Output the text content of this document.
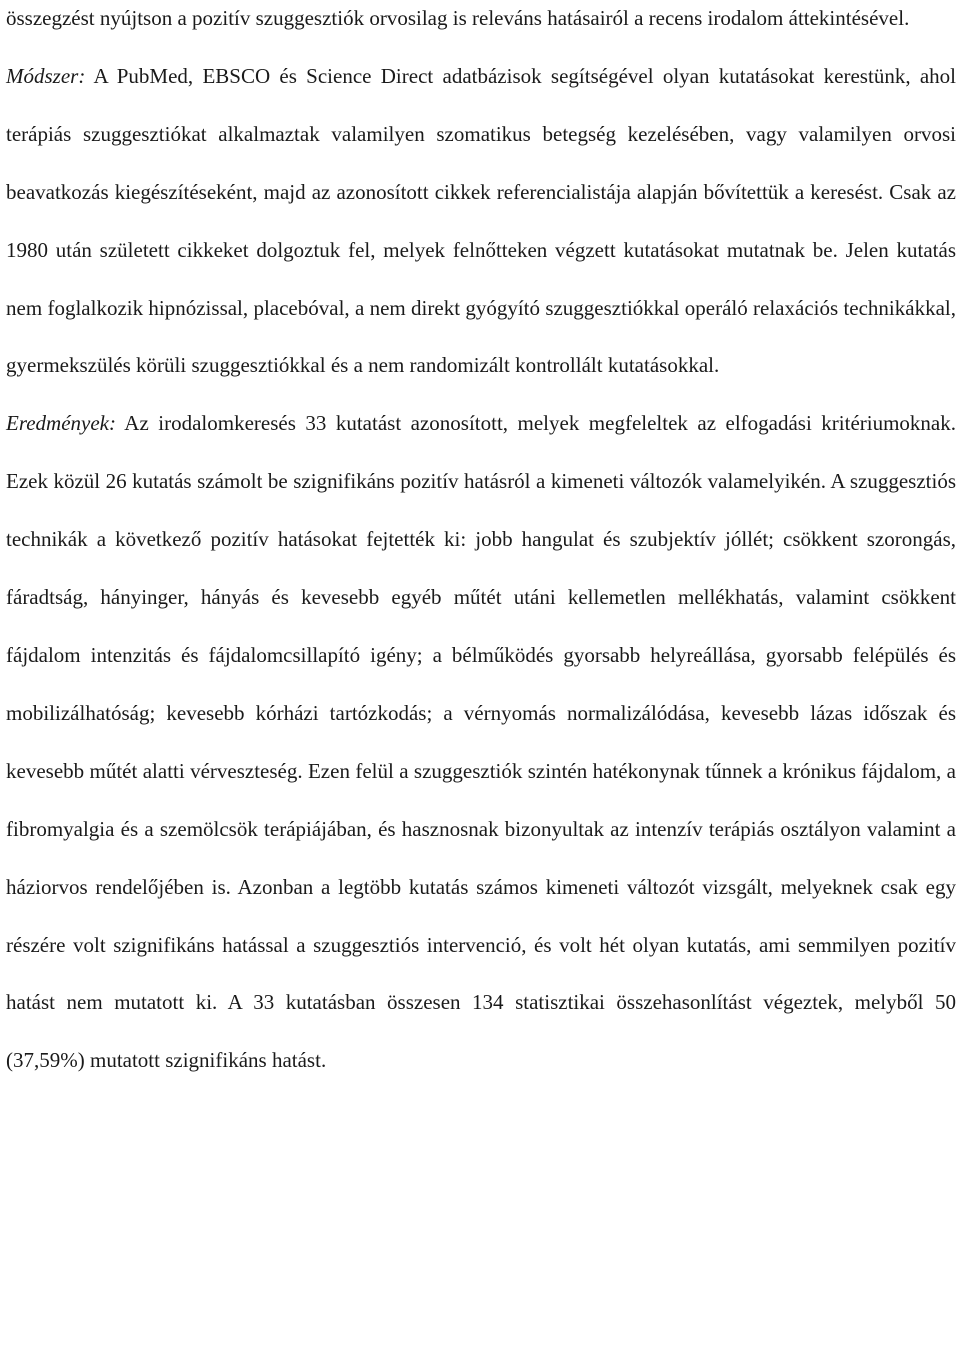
összegzést nyújtson a pozitív szuggesztiók orvosilag is releváns hatásairól a recens irodalom áttekintésével.

Módszer: A PubMed, EBSCO és Science Direct adatbázisok segítségével olyan kutatásokat kerestünk, ahol terápiás szuggesztiókat alkalmaztak valamilyen szomatikus betegség kezelésében, vagy valamilyen orvosi beavatkozás kiegészítéseként, majd az azonosított cikkek referencialistája alapján bővítettük a keresést. Csak az 1980 után született cikkeket dolgoztuk fel, melyek felnőtteken végzett kutatásokat mutatnak be. Jelen kutatás nem foglalkozik hipnózissal, placebóval, a nem direkt gyógyító szuggesztiókkal operáló relaxációs technikákkal, gyermekszülés körüli szuggesztiókkal és a nem randomizált kontrollált kutatásokkal.

Eredmények: Az irodalomkeresés 33 kutatást azonosított, melyek megfeleltek az elfogadási kritériumoknak. Ezek közül 26 kutatás számolt be szignifikáns pozitív hatásról a kimeneti változók valamelyikén. A szuggesztiós technikák a következő pozitív hatásokat fejtették ki: jobb hangulat és szubjektív jóllét; csökkent szorongás, fáradtság, hányinger, hányás és kevesebb egyéb műtét utáni kellemetlen mellékhatás, valamint csökkent fájdalom intenzitás és fájdalomcsillapító igény; a bélműködés gyorsabb helyreállása, gyorsabb felépülés és mobilizálhatóság; kevesebb kórházi tartózkodás; a vérnyomás normalizálódása, kevesebb lázas időszak és kevesebb műtét alatti vérveszteség. Ezen felül a szuggesztiók szintén hatékonynak tűnnek a krónikus fájdalom, a fibromyalgia és a szemölcsök terápiájában, és hasznosnak bizonyultak az intenzív terápiás osztályon valamint a háziorvos rendelőjében is. Azonban a legtöbb kutatás számos kimeneti változót vizsgált, melyeknek csak egy részére volt szignifikáns hatással a szuggesztiós intervenció, és volt hét olyan kutatás, ami semmilyen pozitív hatást nem mutatott ki. A 33 kutatásban összesen 134 statisztikai összehasonlítást végeztek, melyből 50 (37,59%) mutatott szignifikáns hatást.
